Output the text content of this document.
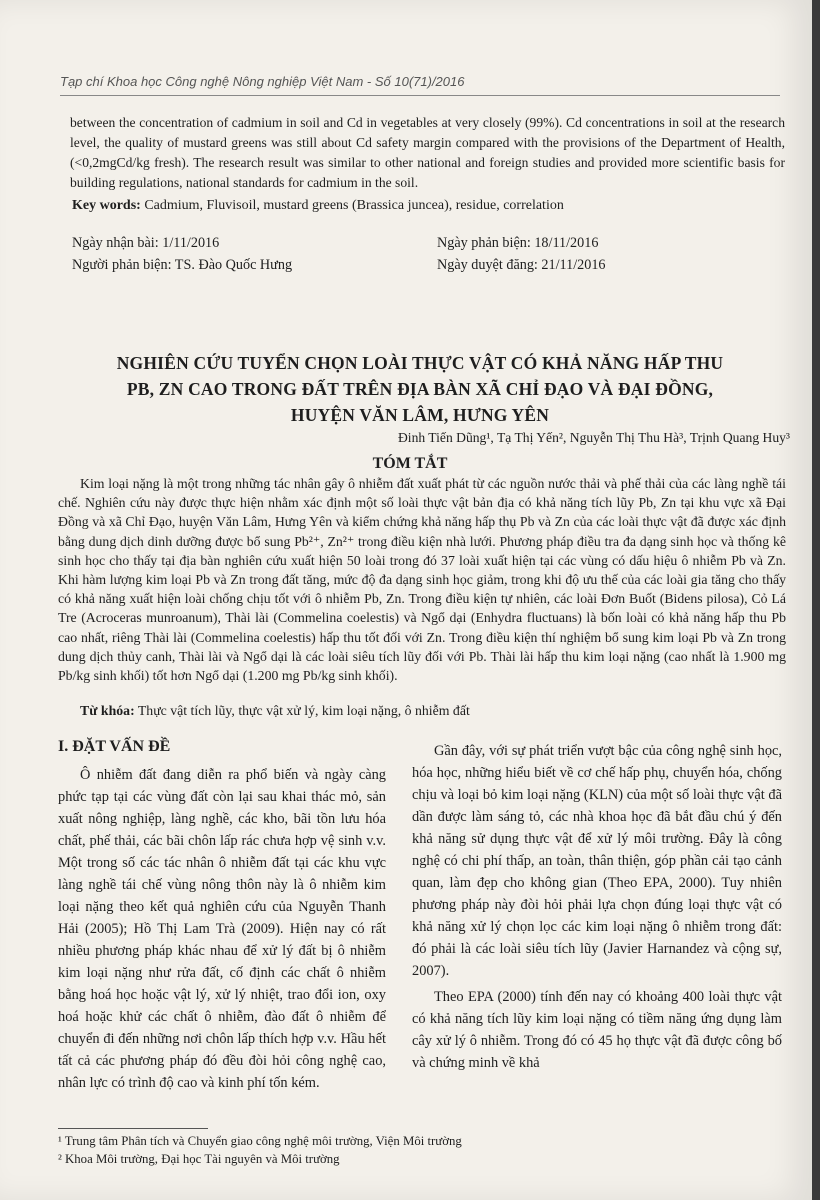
Tạp chí Khoa học Công nghệ Nông nghiệp Việt Nam - Số 10(71)/2016
between the concentration of cadmium in soil and Cd in vegetables at very closely (99%). Cd concentrations in soil at the research level, the quality of mustard greens was still about Cd safety margin compared with the provisions of the Department of Health, (<0,2mgCd/kg fresh). The research result was similar to other national and foreign studies and provided more scientific basis for building regulations, national standards for cadmium in the soil.
Key words: Cadmium, Fluvisoil, mustard greens (Brassica juncea), residue, correlation
Ngày nhận bài: 1/11/2016
Người phản biện: TS. Đào Quốc Hưng
Ngày phản biện: 18/11/2016
Ngày duyệt đăng: 21/11/2016
NGHIÊN CỨU TUYỂN CHỌN LOÀI THỰC VẬT CÓ KHẢ NĂNG HẤP THU PB, ZN CAO TRONG ĐẤT TRÊN ĐỊA BÀN XÃ CHỈ ĐẠO VÀ ĐẠI ĐỒNG, HUYỆN VĂN LÂM, HƯNG YÊN
Đinh Tiến Dũng¹, Tạ Thị Yến², Nguyễn Thị Thu Hà³, Trịnh Quang Huy³
TÓM TẮT
Kim loại nặng là một trong những tác nhân gây ô nhiễm đất xuất phát từ các nguồn nước thải và phế thải của các làng nghề tái chế. Nghiên cứu này được thực hiện nhằm xác định một số loài thực vật bản địa có khả năng tích lũy Pb, Zn tại khu vực xã Đại Đồng và xã Chỉ Đạo, huyện Văn Lâm, Hưng Yên và kiểm chứng khả năng hấp thụ Pb và Zn của các loài thực vật đã được xác định bằng dung dịch dinh dưỡng được bổ sung Pb²⁺, Zn²⁺ trong điều kiện nhà lưới. Phương pháp điều tra đa dạng sinh học và thống kê sinh học cho thấy tại địa bàn nghiên cứu xuất hiện 50 loài trong đó 37 loài xuất hiện tại các vùng có dấu hiệu ô nhiễm Pb và Zn. Khi hàm lượng kim loại Pb và Zn trong đất tăng, mức độ đa dạng sinh học giảm, trong khi độ ưu thế của các loài gia tăng cho thấy có khả năng xuất hiện loài chống chịu tốt với ô nhiễm Pb, Zn. Trong điều kiện tự nhiên, các loài Đơn Buốt (Bidens pilosa), Cỏ Lá Tre (Acroceras munroanum), Thài lài (Commelina coelestis) và Ngổ dại (Enhydra fluctuans) là bốn loài có khả năng hấp thu Pb cao nhất, riêng Thài lài (Commelina coelestis) hấp thu tốt đối với Zn. Trong điều kiện thí nghiệm bổ sung kim loại Pb và Zn trong dung dịch thủy canh, Thài lài và Ngổ dại là các loài siêu tích lũy đối với Pb. Thài lài hấp thu kim loại nặng (cao nhất là 1.900 mg Pb/kg sinh khối) tốt hơn Ngổ dại (1.200 mg Pb/kg sinh khối).
Từ khóa: Thực vật tích lũy, thực vật xử lý, kim loại nặng, ô nhiễm đất
I. ĐẶT VẤN ĐỀ

Ô nhiễm đất đang diễn ra phổ biến và ngày càng phức tạp tại các vùng đất còn lại sau khai thác mỏ, sản xuất nông nghiệp, làng nghề, các kho, bãi tồn lưu hóa chất, phế thải, các bãi chôn lấp rác chưa hợp vệ sinh v.v. Một trong số các tác nhân ô nhiễm đất tại các khu vực làng nghề tái chế vùng nông thôn này là ô nhiễm kim loại nặng theo kết quả nghiên cứu của Nguyễn Thanh Hải (2005); Hồ Thị Lam Trà (2009). Hiện nay có rất nhiều phương pháp khác nhau để xử lý đất bị ô nhiễm kim loại nặng như rửa đất, cố định các chất ô nhiễm bằng hoá học hoặc vật lý, xử lý nhiệt, trao đổi ion, oxy hoá hoặc khử các chất ô nhiễm, đào đất ô nhiễm để chuyển đi đến những nơi chôn lấp thích hợp v.v. Hầu hết tất cả các phương pháp đó đều đòi hỏi công nghệ cao, nhân lực có trình độ cao và kinh phí tốn kém.

Gần đây, với sự phát triển vượt bậc của công nghệ sinh học, hóa học, những hiểu biết về cơ chế hấp phụ, chuyển hóa, chống chịu và loại bỏ kim loại nặng (KLN) của một số loài thực vật đã dần được làm sáng tỏ, các nhà khoa học đã bắt đầu chú ý đến khả năng sử dụng thực vật để xử lý môi trường. Đây là công nghệ có chi phí thấp, an toàn, thân thiện, góp phần cải tạo cảnh quan, làm đẹp cho không gian (Theo EPA, 2000). Tuy nhiên phương pháp này đòi hỏi phải lựa chọn đúng loại thực vật có khả năng xử lý chọn lọc các kim loại nặng ô nhiễm trong đất: đó phải là các loài siêu tích lũy (Javier Harnandez và cộng sự, 2007).

Theo EPA (2000) tính đến nay có khoảng 400 loài thực vật có khả năng tích lũy kim loại nặng có tiềm năng ứng dụng làm cây xử lý ô nhiễm. Trong đó có 45 họ thực vật đã được công bố và chứng minh về khả

¹ Trung tâm Phân tích và Chuyển giao công nghệ môi trường, Viện Môi trường
² Khoa Môi trường, Đại học Tài nguyên và Môi trường
